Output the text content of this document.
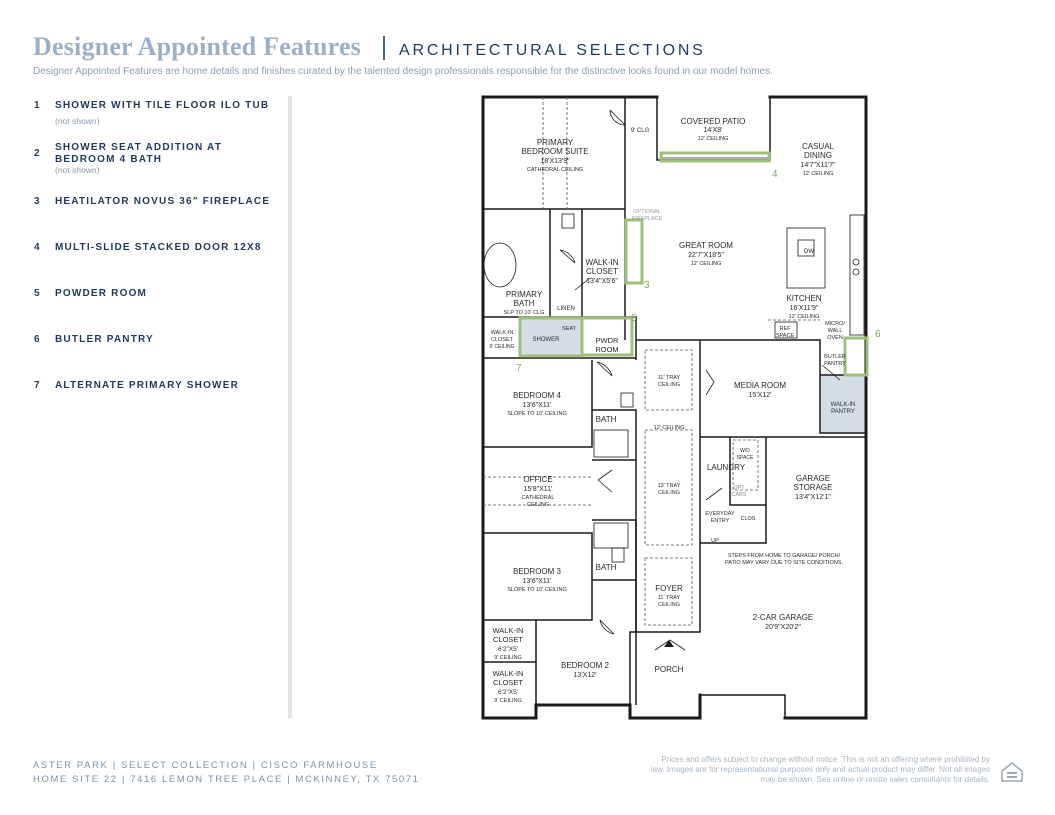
Designer Appointed Features ARCHITECTURAL SELECTIONS
Designer Appointed Features are home details and finishes curated by the talented design professionals responsible for the distinctive looks found in our model homes.
1 SHOWER WITH TILE FLOOR ILO TUB
(not shown)
2
SHOWER SEAT ADDITION AT
BEDROOM 4 BATH
(not shown)
3 HEATILATOR NOVUS 36" FIREPLACE
4 MULTI-SLIDE STACKED DOOR 12X8
5 POWDER ROOM
6 BUTLER PANTRY
7 ALTERNATE PRIMARY SHOWER
3
4
5
6
7
COVERED PATIO
14'X8'
12' CEILING
9' CLG
PRIMARY
BEDROOM SUITE
18'X13'9"
CATHEDRAL CEILING
CASUAL
DINING
14'7"X11'7"
12' CEILING
OPTIONAL
FIREPLACE
GREAT ROOM
22'7"X18'5"
12' CEILING
DW
KITCHEN
16'X11'9"
12' CEILING
WALK-IN
CLOSET
13'4"X5'6"
PRIMARY
BATH
SLP TO 10' CLG
LINEN
REF
SPACE
MICRO/
WALL
OVEN
WALK-IN
CLOSET
9' CEILING
SHOWER
SEAT
PWDR
ROOM
BUTLER
PANTRY
BEDROOM 4
13'6"X11'
SLOPE TO 10' CEILING
11' TRAY
CEILING	MEDIA ROOM
15'X12'
WALK-IN
PANTRY
BATH
12' CEILING
W/D
SPACE
LAUNDRY
OPT
CABS
GARAGE
STORAGE
13'4"X12'1"
OFFICE
15'8"X11'
CATHEDRAL
CEILING
13' TRAY
CEILING
EVERYDAY
ENTRY CLOS
UP
STEPS FROM HOME TO GARAGE/ PORCH/
PATIO MAY VARY DUE TO SITE CONDITIONS.
BEDROOM 3
13'6"X11'
SLOPE TO 10' CEILING
BATH
FOYER
11' TRAY
CEILING
2-CAR GARAGE
20'9"X20'2"
WALK-IN
CLOSET
6'2"X5'
9' CEILING
BEDROOM 2
13'X12'
PORCH
WALK-IN
CLOSET
6'2"X5'
9' CEILING
ASTER PARK | SELECT COLLECTION | CISCO FARMHOUSE
HOME SITE 22 | 7416 LEMON TREE PLACE | MCKINNEY, TX 75071
Prices and offers subject to change without notice. This is not an offering where prohibited by law. Images are for representational purposes only and actual product may differ. Not all images may be shown. See online or onsite sales consultants for details.
